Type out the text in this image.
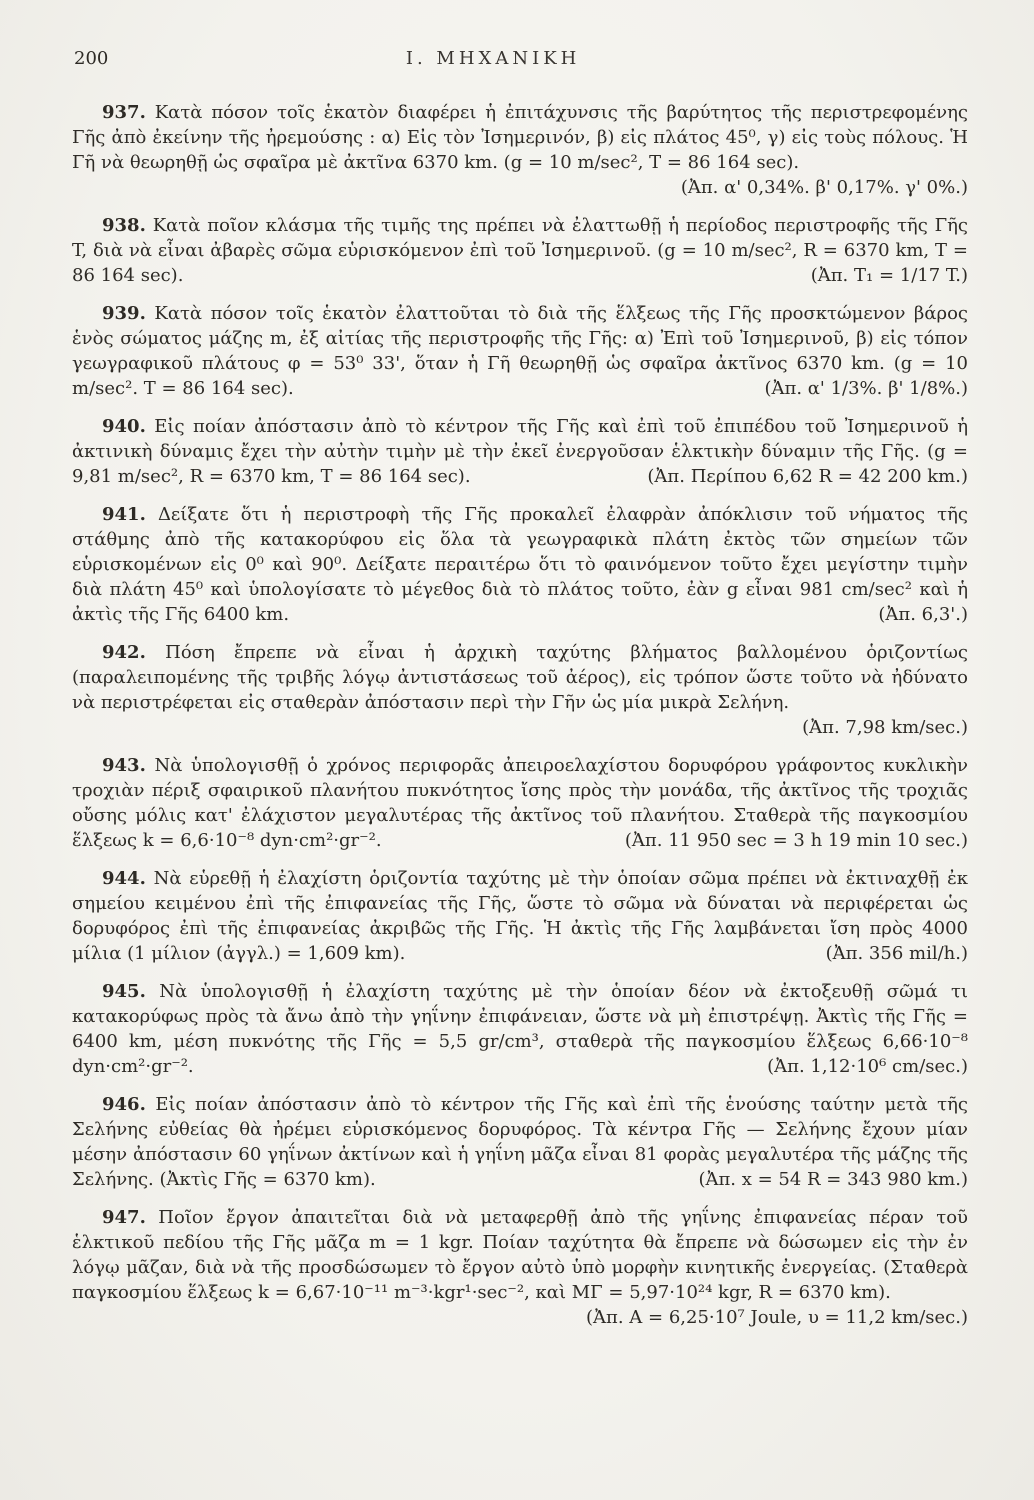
200	Ι. ΜΗΧΑΝΙΚΗ

937. Κατὰ πόσον τοῖς ἑκατὸν διαφέρει ἡ ἐπιτάχυνσις τῆς βαρύτητος τῆς περιστρεφομένης Γῆς ἀπὸ ἐκείνην τῆς ἠρεμούσης : α) Εἰς τὸν Ἰσημερινόν, β) εἰς πλάτος 45⁰, γ) εἰς τοὺς πόλους. Ἡ Γῆ νὰ θεωρηθῇ ὡς σφαῖρα μὲ ἀκτῖνα 6370 km. (g = 10 m/sec², T = 86 164 sec).
(Ἀπ. α' 0,34%. β' 0,17%. γ' 0%.)

938. Κατὰ ποῖον κλάσμα τῆς τιμῆς της πρέπει νὰ ἐλαττωθῇ ἡ περίοδος περιστροφῆς τῆς Γῆς T, διὰ νὰ εἶναι ἀβαρὲς σῶμα εὑρισκόμενον ἐπὶ τοῦ Ἰσημερινοῦ. (g = 10 m/sec², R = 6370 km, T = 86 164 sec).	(Ἀπ. T₁ = 1/17 T.)

939. Κατὰ πόσον τοῖς ἑκατὸν ἐλαττοῦται τὸ διὰ τῆς ἕλξεως τῆς Γῆς προσκτώμενον βάρος ἑνὸς σώματος μάζης m, ἐξ αἰτίας τῆς περιστροφῆς τῆς Γῆς: α) Ἐπὶ τοῦ Ἰσημερινοῦ, β) εἰς τόπον γεωγραφικοῦ πλάτους φ = 53⁰ 33', ὅταν ἡ Γῆ θεωρηθῇ ὡς σφαῖρα ἀκτῖνος 6370 km. (g = 10 m/sec². T = 86 164 sec).	(Ἀπ. α' 1/3%. β' 1/8%.)

940. Εἰς ποίαν ἀπόστασιν ἀπὸ τὸ κέντρον τῆς Γῆς καὶ ἐπὶ τοῦ ἐπιπέδου τοῦ Ἰσημερινοῦ ἡ ἀκτινικὴ δύναμις ἔχει τὴν αὐτὴν τιμὴν μὲ τὴν ἐκεῖ ἐνεργοῦσαν ἑλκτικὴν δύναμιν τῆς Γῆς. (g = 9,81 m/sec², R = 6370 km, T = 86 164 sec).	(Ἀπ. Περίπου 6,62 R = 42 200 km.)

941. Δείξατε ὅτι ἡ περιστροφὴ τῆς Γῆς προκαλεῖ ἐλαφρὰν ἀπόκλισιν τοῦ νήματος τῆς στάθμης ἀπὸ τῆς κατακορύφου εἰς ὅλα τὰ γεωγραφικὰ πλάτη ἐκτὸς τῶν σημείων τῶν εὑρισκομένων εἰς 0⁰ καὶ 90⁰. Δείξατε περαιτέρω ὅτι τὸ φαινόμενον τοῦτο ἔχει μεγίστην τιμὴν διὰ πλάτη 45⁰ καὶ ὑπολογίσατε τὸ μέγεθος διὰ τὸ πλάτος τοῦτο, ἐὰν g εἶναι 981 cm/sec² καὶ ἡ ἀκτὶς τῆς Γῆς 6400 km.	(Ἀπ. 6,3'.)

942. Πόση ἔπρεπε νὰ εἶναι ἡ ἀρχικὴ ταχύτης βλήματος βαλλομένου ὁριζοντίως (παραλειπομένης τῆς τριβῆς λόγῳ ἀντιστάσεως τοῦ ἀέρος), εἰς τρόπον ὥστε τοῦτο νὰ ἠδύνατο νὰ περιστρέφεται εἰς σταθερὰν ἀπόστασιν περὶ τὴν Γῆν ὡς μία μικρὰ Σελήνη.
(Ἀπ. 7,98 km/sec.)

943. Νὰ ὑπολογισθῇ ὁ χρόνος περιφορᾶς ἀπειροελαχίστου δορυφόρου γράφοντος κυκλικὴν τροχιὰν πέριξ σφαιρικοῦ πλανήτου πυκνότητος ἴσης πρὸς τὴν μονάδα, τῆς ἀκτῖνος τῆς τροχιᾶς οὔσης μόλις κατ' ἐλάχιστον μεγαλυτέρας τῆς ἀκτῖνος τοῦ πλανήτου. Σταθερὰ τῆς παγκοσμίου ἕλξεως k = 6,6·10⁻⁸ dyn·cm²·gr⁻².	(Ἀπ. 11 950 sec = 3 h 19 min 10 sec.)

944. Νὰ εὑρεθῇ ἡ ἐλαχίστη ὁριζοντία ταχύτης μὲ τὴν ὁποίαν σῶμα πρέπει νὰ ἐκτιναχθῇ ἐκ σημείου κειμένου ἐπὶ τῆς ἐπιφανείας τῆς Γῆς, ὥστε τὸ σῶμα νὰ δύναται νὰ περιφέρεται ὡς δορυφόρος ἐπὶ τῆς ἐπιφανείας ἀκριβῶς τῆς Γῆς. Ἡ ἀκτὶς τῆς Γῆς λαμβάνεται ἴση πρὸς 4000 μίλια (1 μίλιον (ἀγγλ.) = 1,609 km).	(Ἀπ. 356 mil/h.)

945. Νὰ ὑπολογισθῇ ἡ ἐλαχίστη ταχύτης μὲ τὴν ὁποίαν δέον νὰ ἐκτοξευθῇ σῶμά τι κατακορύφως πρὸς τὰ ἄνω ἀπὸ τὴν γηΐνην ἐπιφάνειαν, ὥστε νὰ μὴ ἐπιστρέψῃ. Ἀκτὶς τῆς Γῆς = 6400 km, μέση πυκνότης τῆς Γῆς = 5,5 gr/cm³, σταθερὰ τῆς παγκοσμίου ἕλξεως 6,66·10⁻⁸ dyn·cm²·gr⁻².	(Ἀπ. 1,12·10⁶ cm/sec.)

946. Εἰς ποίαν ἀπόστασιν ἀπὸ τὸ κέντρον τῆς Γῆς καὶ ἐπὶ τῆς ἑνούσης ταύτην μετὰ τῆς Σελήνης εὐθείας θὰ ἠρέμει εὑρισκόμενος δορυφόρος. Τὰ κέντρα Γῆς — Σελήνης ἔχουν μίαν μέσην ἀπόστασιν 60 γηΐνων ἀκτίνων καὶ ἡ γηΐνη μᾶζα εἶναι 81 φορὰς μεγαλυτέρα τῆς μάζης τῆς Σελήνης. (Ἀκτὶς Γῆς = 6370 km).	(Ἀπ. x = 54 R = 343 980 km.)

947. Ποῖον ἔργον ἀπαιτεῖται διὰ νὰ μεταφερθῇ ἀπὸ τῆς γηΐνης ἐπιφανείας πέραν τοῦ ἑλκτικοῦ πεδίου τῆς Γῆς μᾶζα m = 1 kgr. Ποίαν ταχύτητα θὰ ἔπρεπε νὰ δώσωμεν εἰς τὴν ἐν λόγῳ μᾶζαν, διὰ νὰ τῆς προσδώσωμεν τὸ ἔργον αὐτὸ ὑπὸ μορφὴν κινητικῆς ἐνεργείας. (Σταθερὰ παγκοσμίου ἕλξεως k = 6,67·10⁻¹¹ m⁻³·kgr¹·sec⁻², καὶ MΓ = 5,97·10²⁴ kgr, R = 6370 km).
(Ἀπ. A = 6,25·10⁷ Joule, υ = 11,2 km/sec.)
